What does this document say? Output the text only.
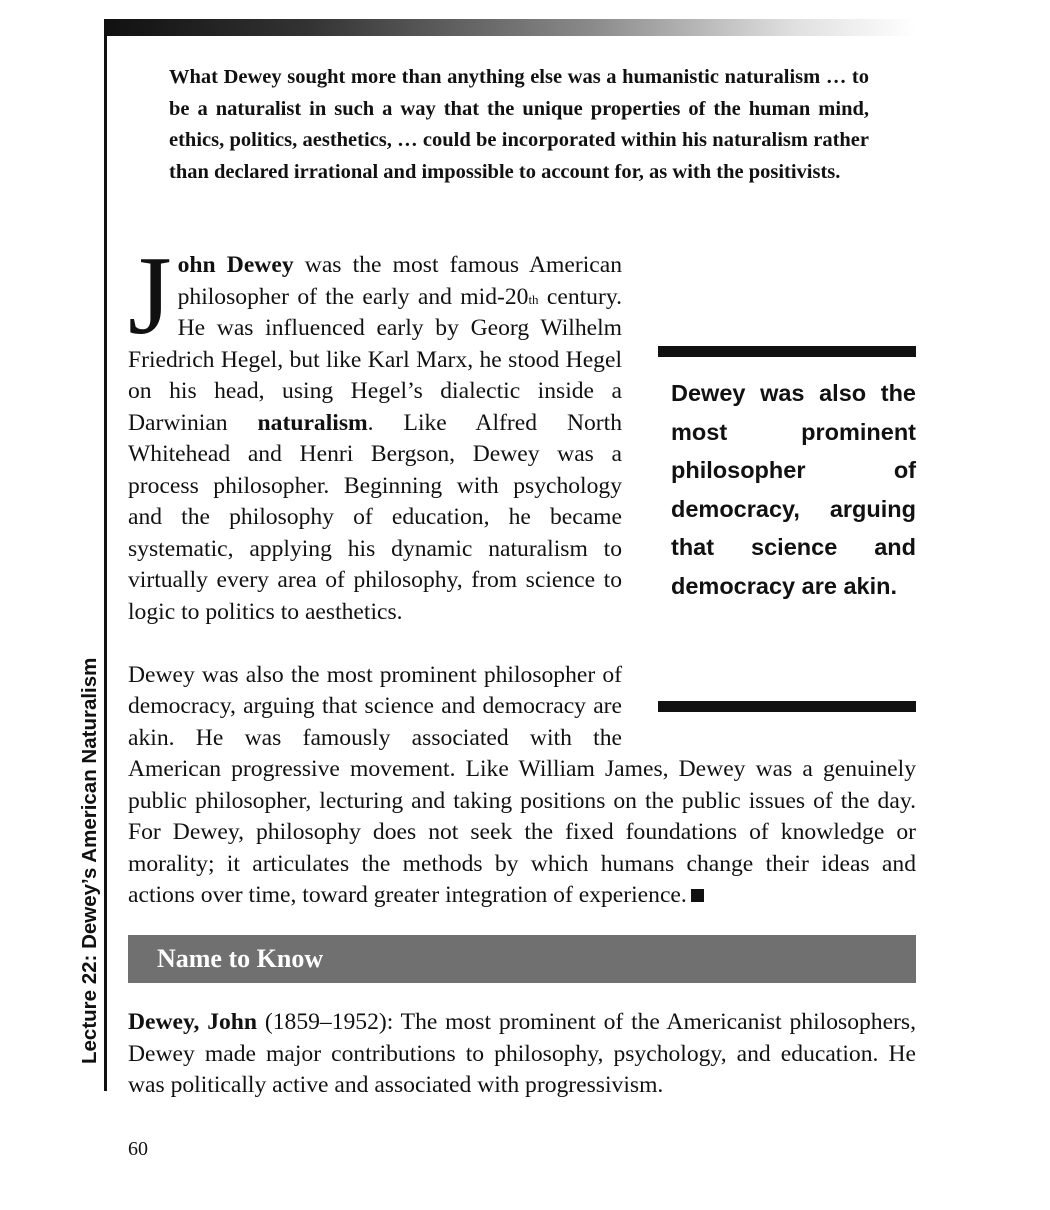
Lecture 22: Dewey’s American Naturalism

What Dewey sought more than anything else was a humanistic naturalism … to be a naturalist in such a way that the unique properties of the human mind, ethics, politics, aesthetics, … could be incorporated within his naturalism rather than declared irrational and impossible to account for, as with the positivists.

Dewey was also the most prominent philosopher of democracy, arguing that science and democracy are akin.

John Dewey was the most famous American philosopher of the early and mid-20th century. He was influenced early by Georg Wilhelm Friedrich Hegel, but like Karl Marx, he stood Hegel on his head, using Hegel’s dialectic inside a Darwinian naturalism. Like Alfred North Whitehead and Henri Bergson, Dewey was a process philosopher. Beginning with psychology and the philosophy of education, he became systematic, applying his dynamic naturalism to virtually every area of philosophy, from science to logic to politics to aesthetics.

Dewey was also the most prominent philosopher of democracy, arguing that science and democracy are akin. He was famously associated with the American progressive movement. Like William James, Dewey was a genuinely public philosopher, lecturing and taking positions on the public issues of the day. For Dewey, philosophy does not seek the fixed foundations of knowledge or morality; it articulates the methods by which humans change their ideas and actions over time, toward greater integration of experience.

Name to Know

Dewey, John (1859–1952): The most prominent of the Americanist philosophers, Dewey made major contributions to philosophy, psychology, and education. He was politically active and associated with progressivism.

60
